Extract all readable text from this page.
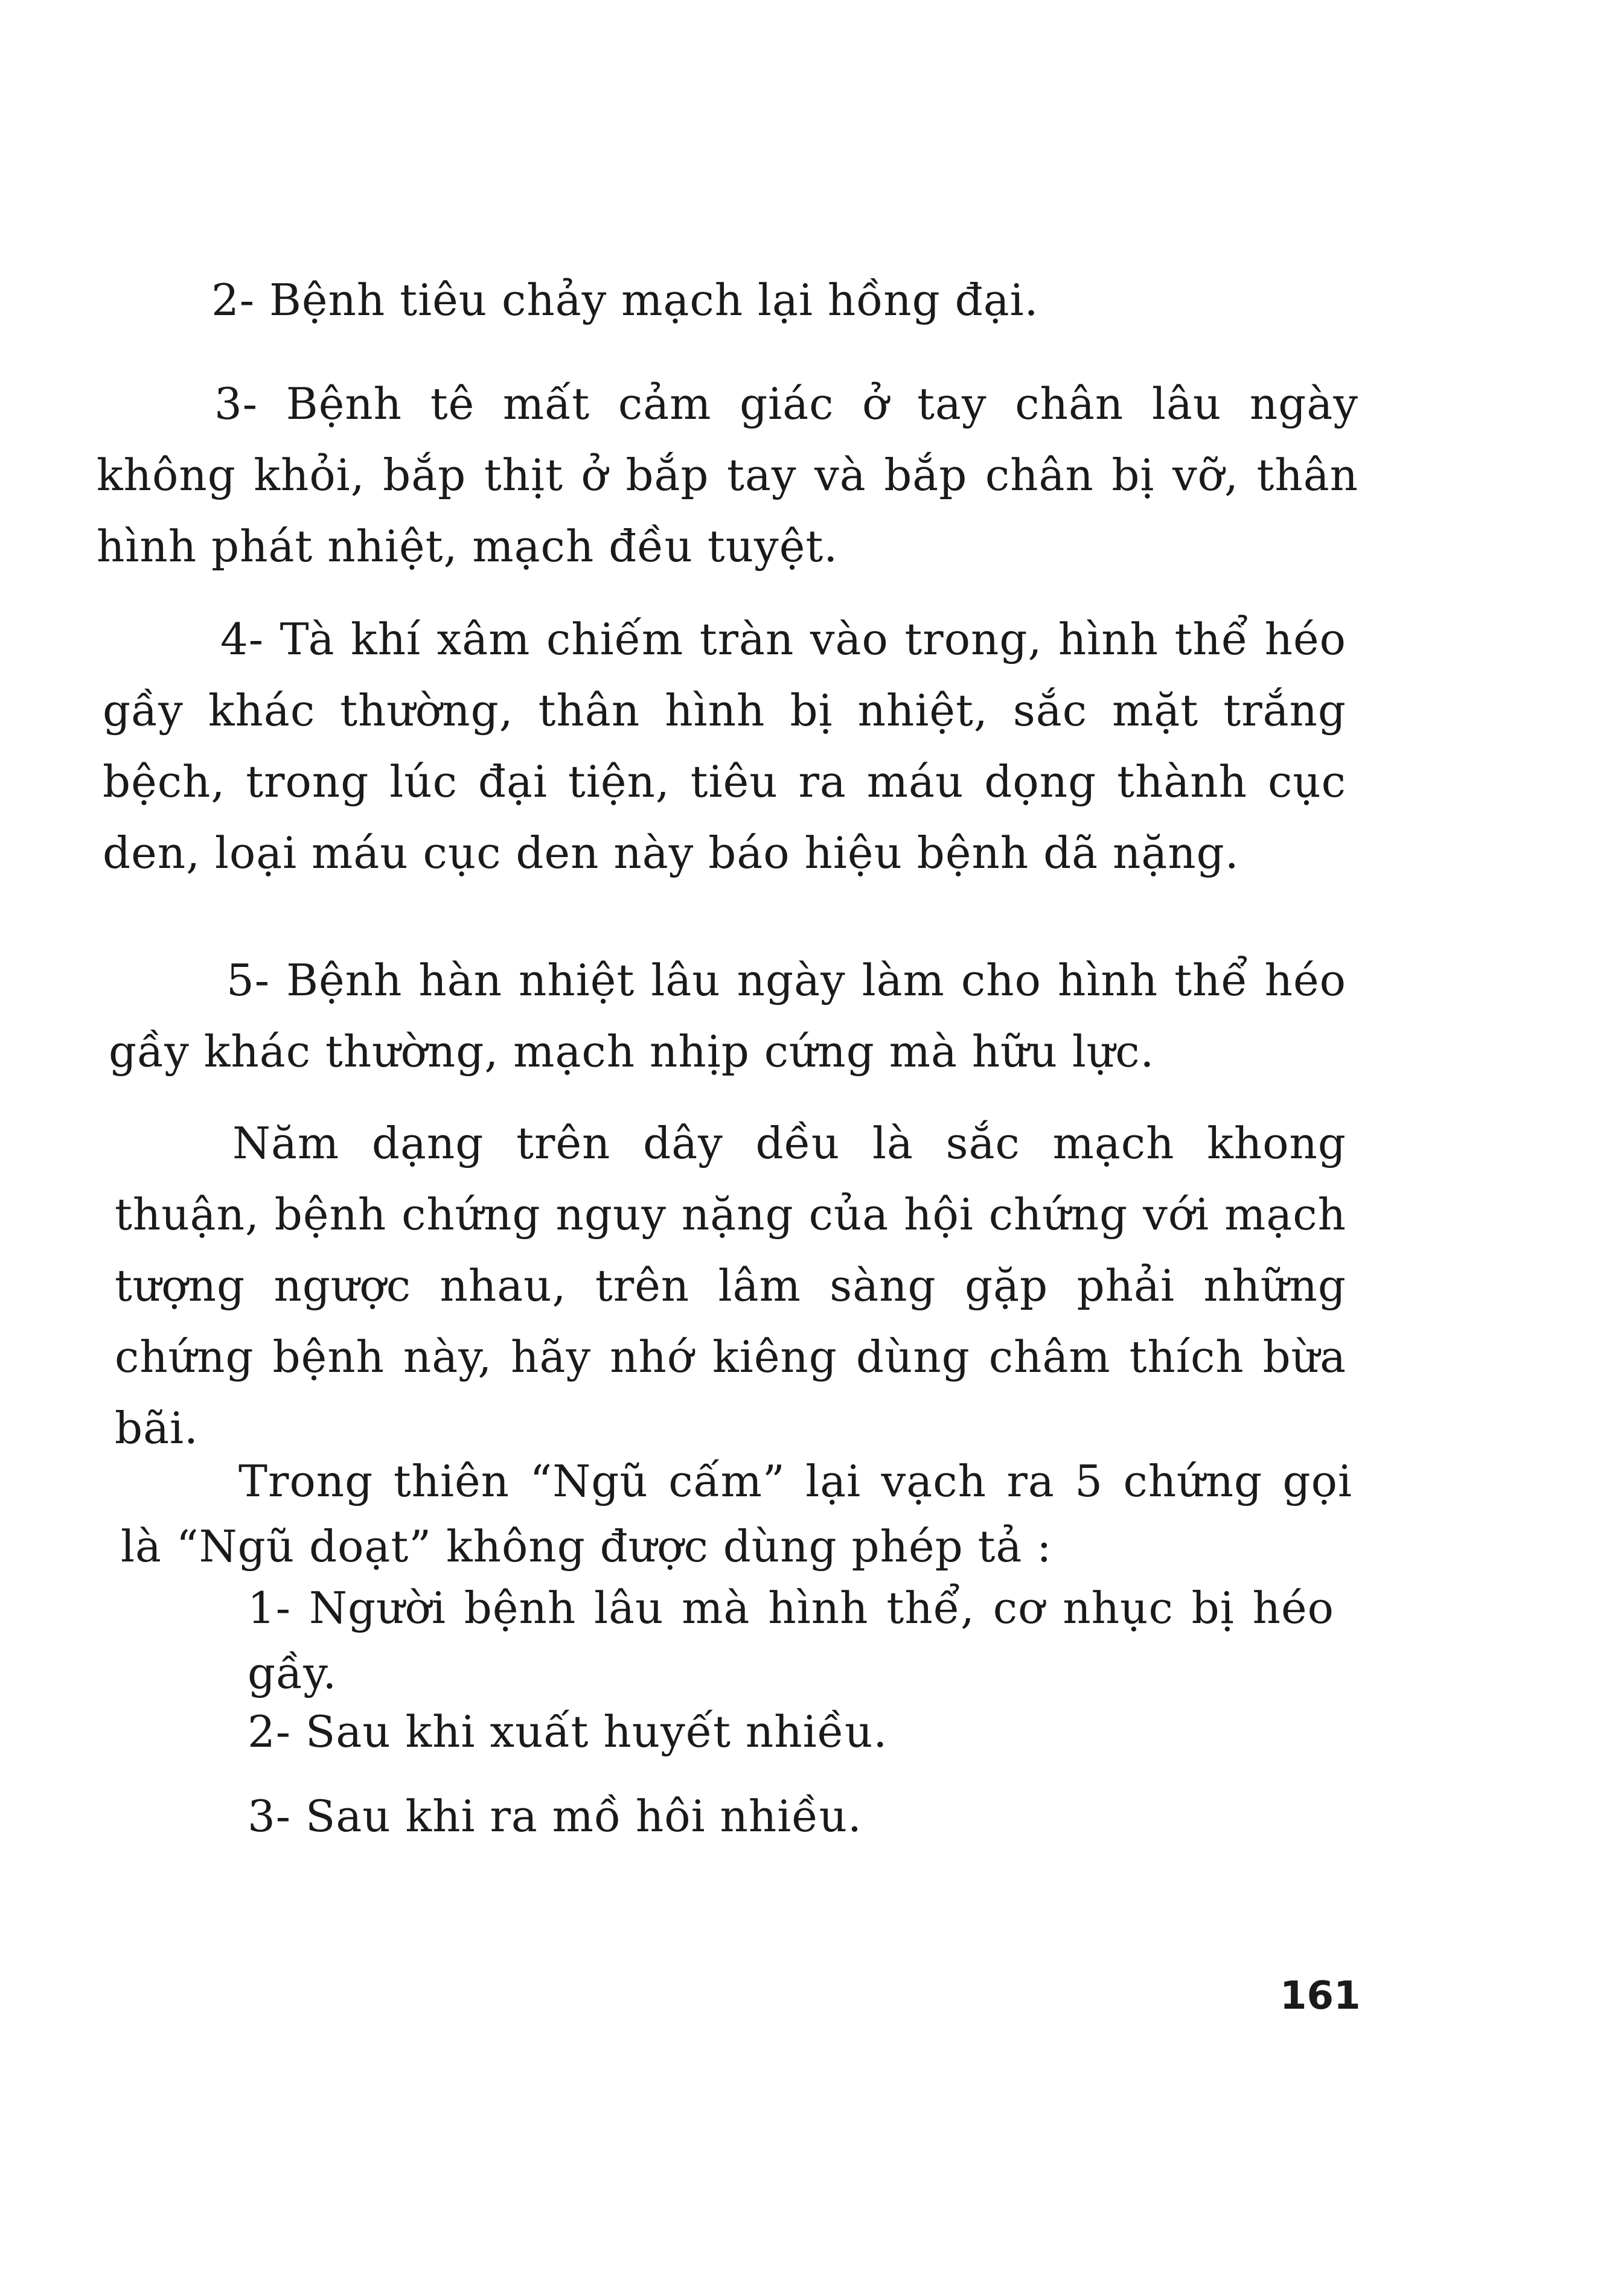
2- Bệnh tiêu chảy mạch lại hồng đại.

3- Bệnh tê mất cảm giác ở tay chân lâu ngày không khỏi, bắp thịt ở bắp tay và bắp chân bị vỡ, thân hình phát nhiệt, mạch đều tuyệt.

4- Tà khí xâm chiếm tràn vào trong, hình thể héo gầy khác thường, thân hình bị nhiệt, sắc mặt trắng bệch, trong lúc đại tiện, tiêu ra máu dọng thành cục den, loại máu cục den này báo hiệu bệnh dã nặng.

5- Bệnh hàn nhiệt lâu ngày làm cho hình thể héo gầy khác thường, mạch nhịp cứng mà hữu lực.

Năm dạng trên dây dều là sắc mạch khong thuận, bệnh chứng nguy nặng của hội chứng với mạch tượng ngược nhau, trên lâm sàng gặp phải những chứng bệnh này, hãy nhớ kiêng dùng châm thích bừa bãi.

Trong thiên “Ngũ cấm” lại vạch ra 5 chứng gọi là “Ngũ doạt” không được dùng phép tả :

1- Người bệnh lâu mà hình thể, cơ nhục bị héo gầy.

2- Sau khi xuất huyết nhiều.

3- Sau khi ra mồ hôi nhiều.

161
